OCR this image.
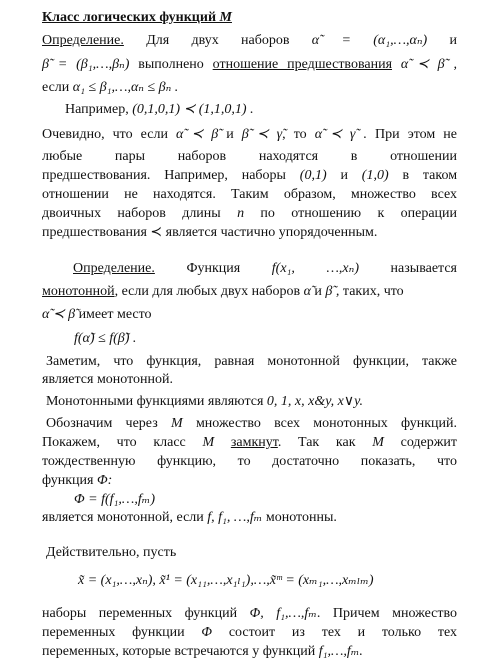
Класс логических функций M
Определение. Для двух наборов α̃ = (α₁,…,αₙ) и
β̃ = (β₁,…,βₙ) выполнено отношение предшествования α̃ ≺ β̃ ,
если α₁ ≤ β₁,…,αₙ ≤ βₙ .
Например, (0,1,0,1) ≺ (1,1,0,1) .
Очевидно, что если α̃ ≺ β̃ и β̃ ≺ γ̃, то α̃ ≺ γ̃ . При этом не
любые пары наборов находятся в отношении
предшествования. Например, наборы (0,1) и (1,0) в таком
отношении не находятся. Таким образом, множество всех
двоичных наборов длины n по отношению к операции
предшествования ≺ является частично упорядоченным.
Определение. Функция f(x₁, …,xₙ) называется
монотонной, если для любых двух наборов α̃ и β̃ , таких, что
α̃ ≺ β̃ имеет место
f(α̃) ≤ f(β̃) .
Заметим, что функция, равная монотонной функции, также
является монотонной.
Монотонными функциями являются 0, 1, x, x&y, x∨y.
Обозначим через M множество всех монотонных функций.
Покажем, что класс M замкнут. Так как M содержит
тождественную функцию, то достаточно показать, что
функция Φ:
Φ = f(f₁,…,fₘ)
является монотонной, если f, f₁, …,fₘ монотонны.
Действительно, пусть
x̃ = (x₁,…,xₙ), x̃¹ = (x₁₁,…,x₁ₗ₁),…,x̃ᵐ = (xₘ₁,…,xₘₗₘ)
наборы переменных функций Φ, f₁,…,fₘ. Причем множество
переменных функции Φ состоит из тех и только тех
переменных, которые встречаются у функций f₁,…,fₘ.
